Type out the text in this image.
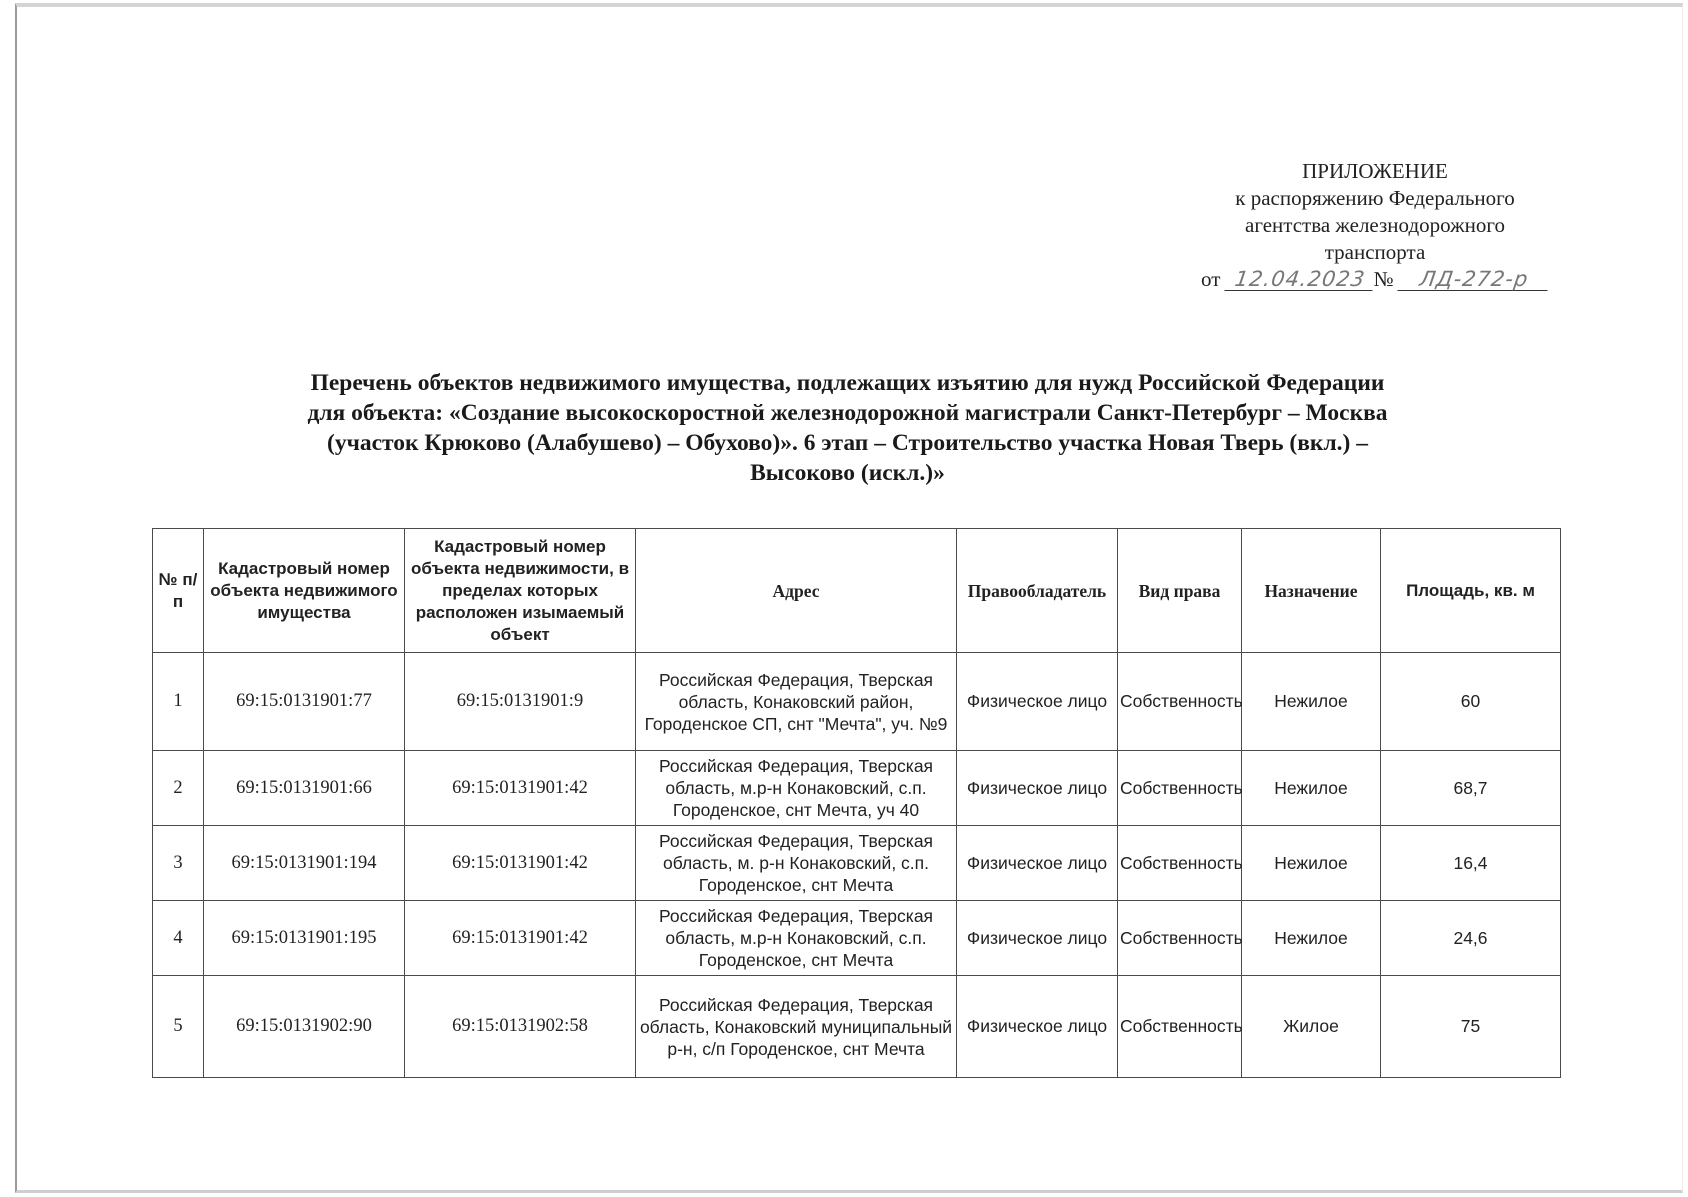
ПРИЛОЖЕНИЕ
к распоряжению Федерального
агентства железнодорожного
транспорта
от 12.04.2023 № ЛД-272-р
Перечень объектов недвижимого имущества, подлежащих изъятию для нужд Российской Федерации
для объекта: «Создание высокоскоростной железнодорожной магистрали Санкт-Петербург – Москва
(участок Крюково (Алабушево) – Обухово)». 6 этап – Строительство участка Новая Тверь (вкл.) –
Высоково (искл.)»
№ п/п	Кадастровый номер объекта недвижимого имущества	Кадастровый номер объекта недвижимости, в пределах которых расположен изымаемый объект	Адрес	Правообладатель	Вид права	Назначение	Площадь, кв. м
1	69:15:0131901:77	69:15:0131901:9	Российская Федерация, Тверская область, Конаковский район, Городенское СП, снт "Мечта", уч. №9	Физическое лицо	Собственность	Нежилое	60
2	69:15:0131901:66	69:15:0131901:42	Российская Федерация, Тверская область, м.р-н Конаковский, с.п. Городенское, снт Мечта, уч 40	Физическое лицо	Собственность	Нежилое	68,7
3	69:15:0131901:194	69:15:0131901:42	Российская Федерация, Тверская область, м. р-н Конаковский, с.п. Городенское, снт Мечта	Физическое лицо	Собственность	Нежилое	16,4
4	69:15:0131901:195	69:15:0131901:42	Российская Федерация, Тверская область, м.р-н Конаковский, с.п. Городенское, снт Мечта	Физическое лицо	Собственность	Нежилое	24,6
5	69:15:0131902:90	69:15:0131902:58	Российская Федерация, Тверская область, Конаковский муниципальный р-н, с/п Городенское, снт Мечта	Физическое лицо	Собственность	Жилое	75
